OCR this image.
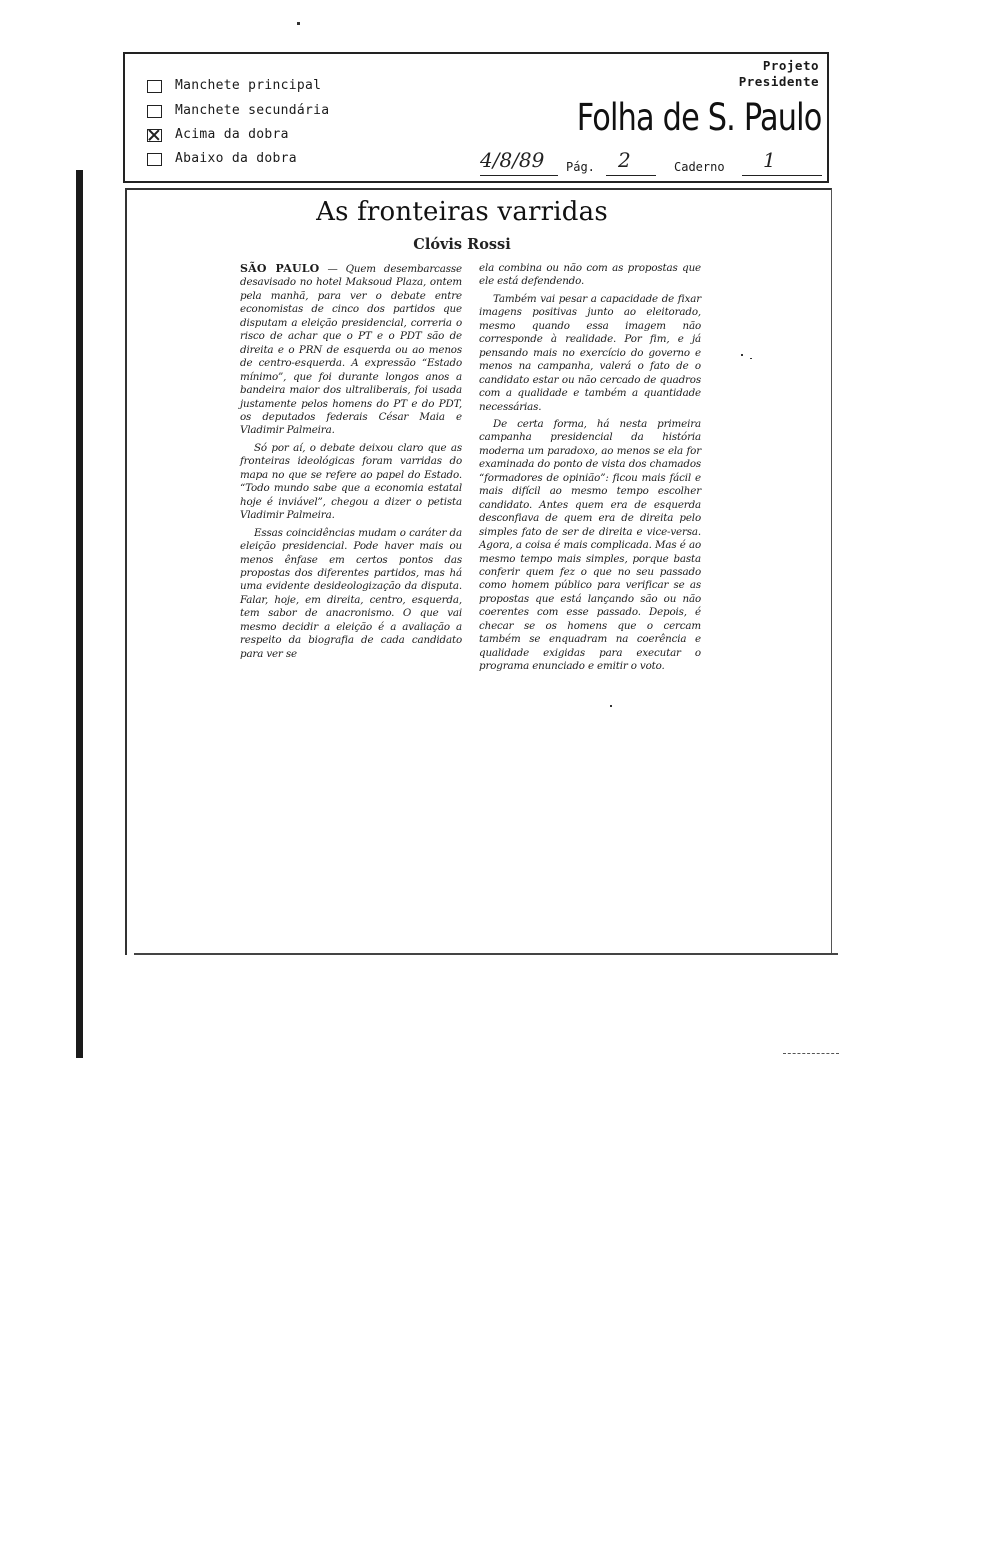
Manchete principal
Manchete secundária
Acima da dobra
Abaixo da dobra
Projeto
Presidente
Folha de S. Paulo
4/8/89 Pág. 2	Caderno 1
As fronteiras varridas
Clóvis Rossi

SÃO PAULO — Quem desembarcasse desavisado no hotel Maksoud Plaza, ontem pela manhã, para ver o debate entre economistas de cinco dos partidos que disputam a eleição presidencial, correria o risco de achar que o PT e o PDT são de direita e o PRN de esquerda ou ao menos de centro-esquerda. A expressão “Estado mínimo”, que foi durante longos anos a bandeira maior dos ultraliberais, foi usada justamente pelos homens do PT e do PDT, os deputados federais César Maia e Vladimir Palmeira.

Só por aí, o debate deixou claro que as fronteiras ideológicas foram varridas do mapa no que se refere ao papel do Estado. “Todo mundo sabe que a economia estatal hoje é inviável”, chegou a dizer o petista Vladimir Palmeira.

Essas coincidências mudam o caráter da eleição presidencial. Pode haver mais ou menos ênfase em certos pontos das propostas dos diferentes partidos, mas há uma evidente desideologização da disputa. Falar, hoje, em direita, centro, esquerda, tem sabor de anacronismo. O que vai mesmo decidir a eleição é a avaliação a respeito da biografia de cada candidato para ver se

ela combina ou não com as propostas que ele está defendendo.

Também vai pesar a capacidade de fixar imagens positivas junto ao eleitorado, mesmo quando essa imagem não corresponde à realidade. Por fim, e já pensando mais no exercício do governo e menos na campanha, valerá o fato de o candidato estar ou não cercado de quadros com a qualidade e também a quantidade necessárias.

De certa forma, há nesta primeira campanha presidencial da história moderna um paradoxo, ao menos se ela for examinada do ponto de vista dos chamados “formadores de opinião”: ficou mais fácil e mais difícil ao mesmo tempo escolher candidato. Antes quem era de esquerda desconfiava de quem era de direita pelo simples fato de ser de direita e vice-versa. Agora, a coisa é mais complicada. Mas é ao mesmo tempo mais simples, porque basta conferir quem fez o que no seu passado como homem público para verificar se as propostas que está lançando são ou não coerentes com esse passado. Depois, é checar se os homens que o cercam também se enquadram na coerência e qualidade exigidas para executar o programa enunciado e emitir o voto.
